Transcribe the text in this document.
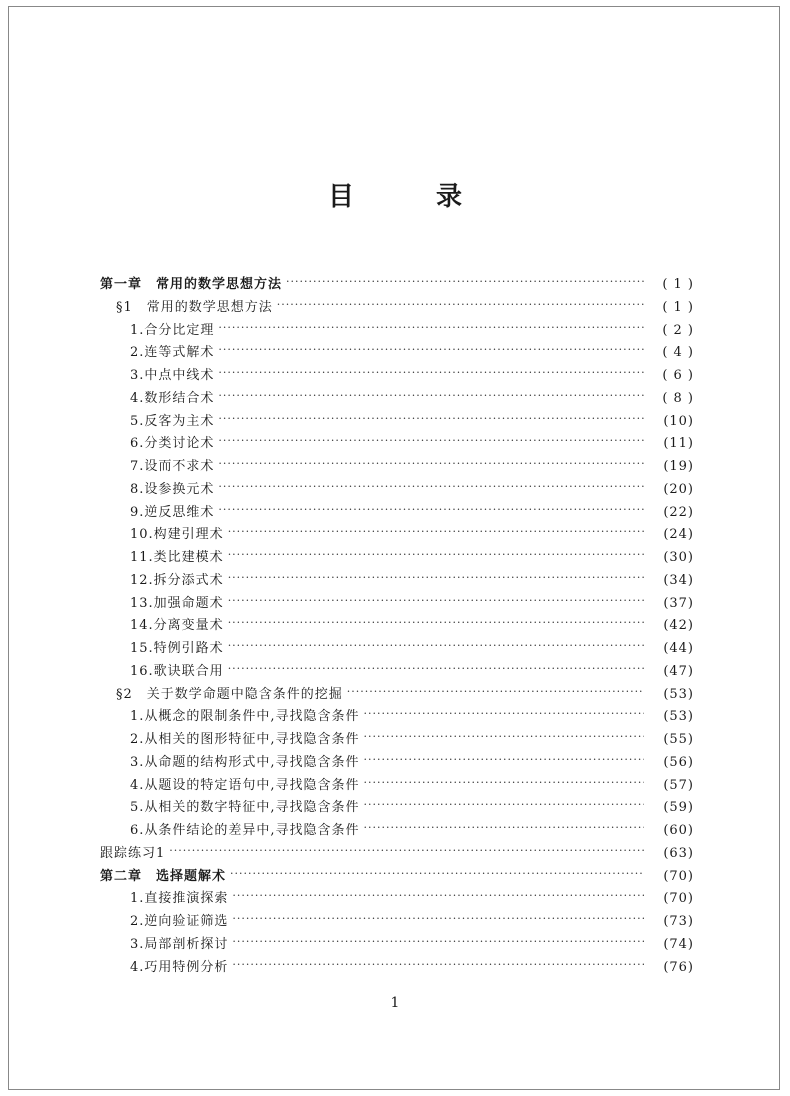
目　录
第一章　常用的数学思想方法 ·····	( 1 )
§1　常用的数学思想方法 ·····	( 1 )
1.合分比定理 ·····	( 2 )
2.连等式解术 ·····	( 4 )
3.中点中线术 ·····	( 6 )
4.数形结合术 ·····	( 8 )
5.反客为主术 ·····	(10)
6.分类讨论术 ·····	(11)
7.设而不求术 ·····	(19)
8.设参换元术 ·····	(20)
9.逆反思维术 ·····	(22)
10.构建引理术 ·····	(24)
11.类比建模术 ·····	(30)
12.拆分添式术 ·····	(34)
13.加强命题术 ·····	(37)
14.分离变量术 ·····	(42)
15.特例引路术 ·····	(44)
16.歌诀联合用 ·····	(47)
§2　关于数学命题中隐含条件的挖掘 ·····	(53)
1.从概念的限制条件中,寻找隐含条件 ·····	(53)
2.从相关的图形特征中,寻找隐含条件 ·····	(55)
3.从命题的结构形式中,寻找隐含条件 ·····	(56)
4.从题设的特定语句中,寻找隐含条件 ·····	(57)
5.从相关的数字特征中,寻找隐含条件 ·····	(59)
6.从条件结论的差异中,寻找隐含条件 ·····	(60)
跟踪练习1 ·····	(63)
第二章　选择题解术 ·····	(70)
1.直接推演探索 ·····	(70)
2.逆向验证筛选 ·····	(73)
3.局部剖析探讨 ·····	(74)
4.巧用特例分析 ·····	(76)
1
